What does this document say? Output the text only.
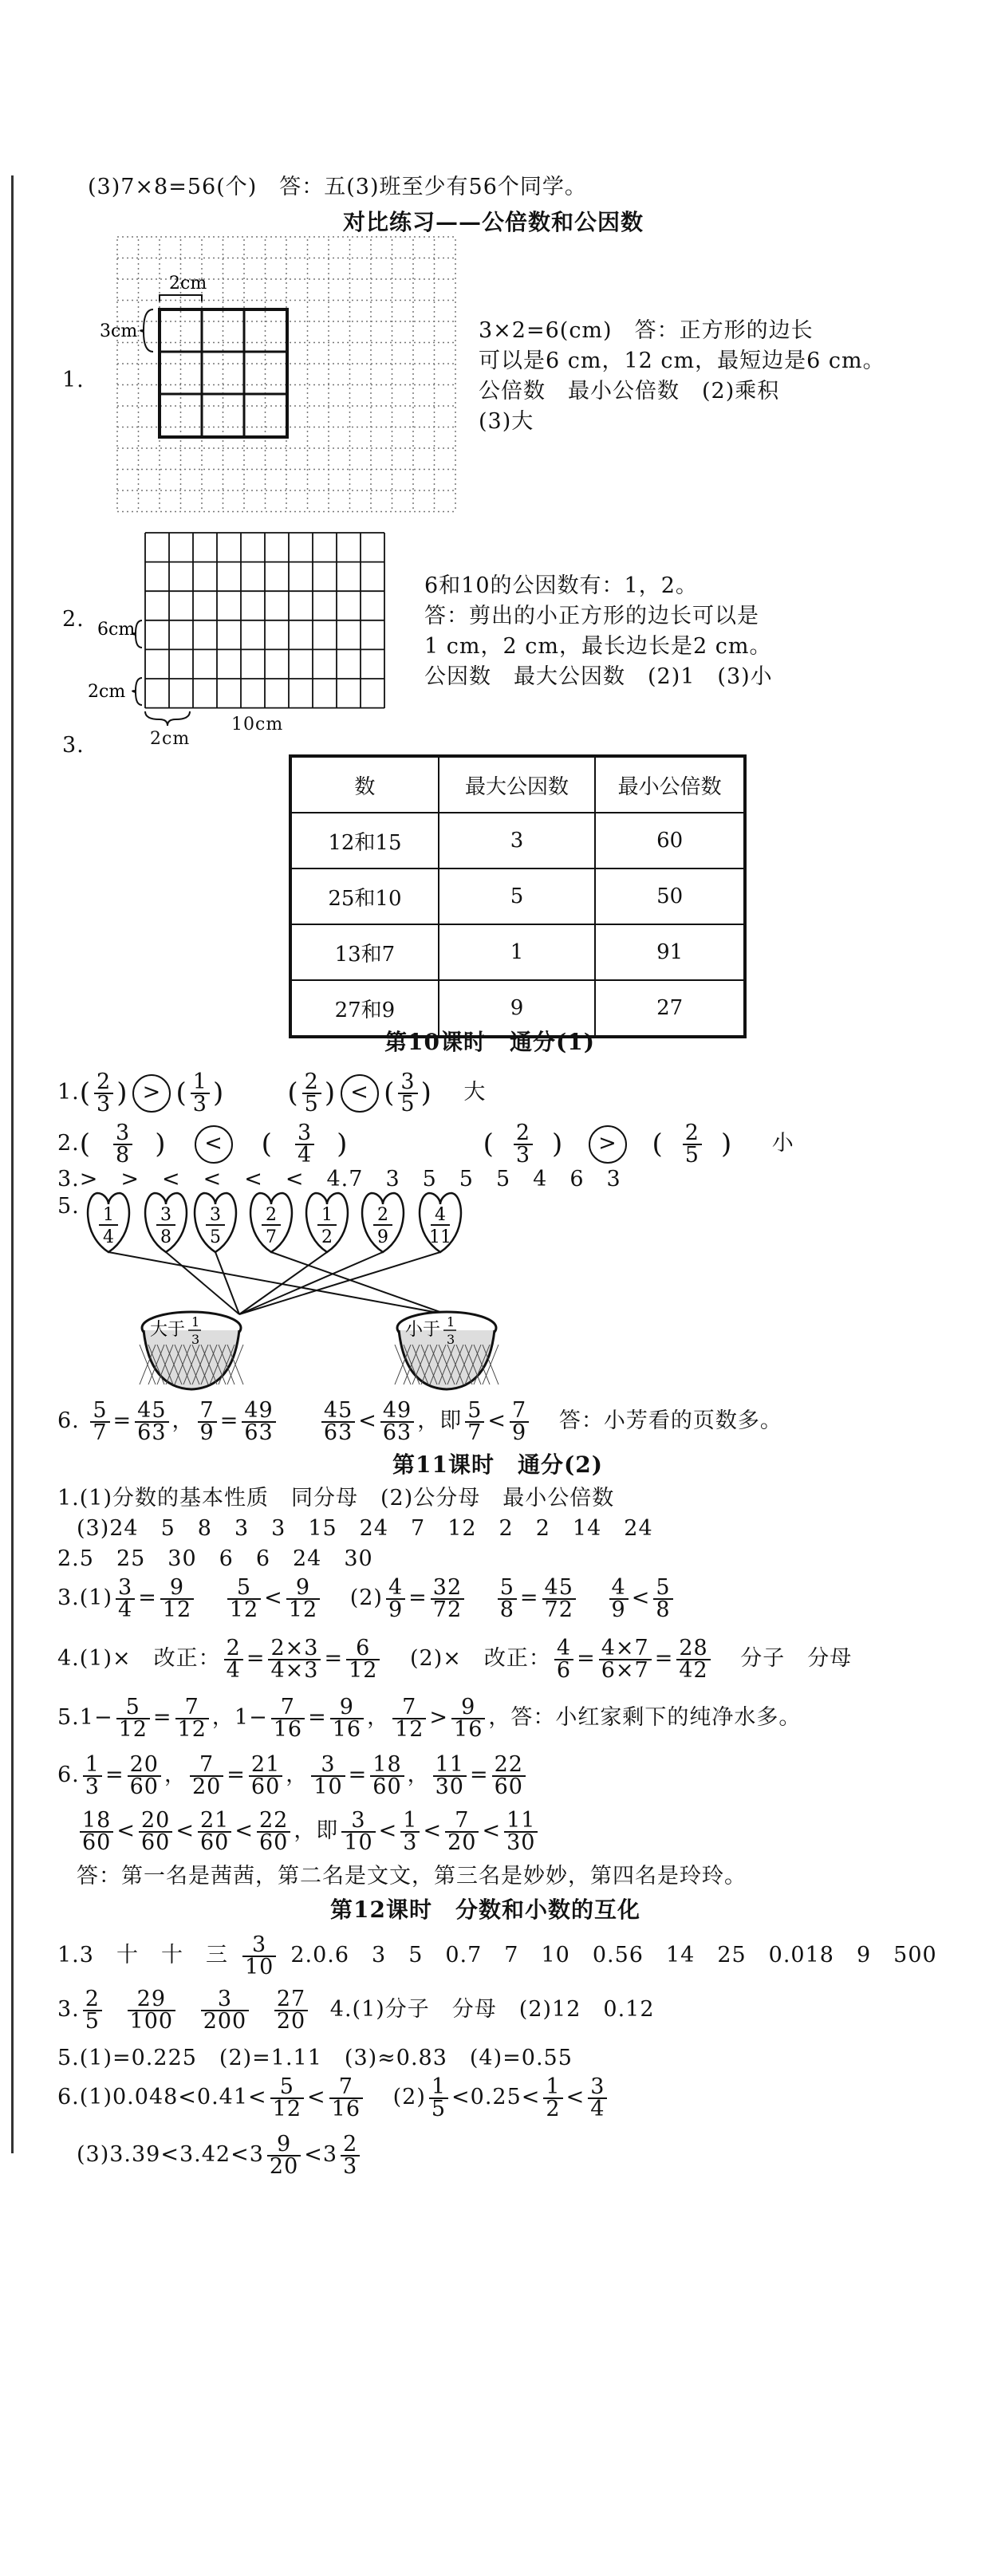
(3)7×8=56(个)　答：五(3)班至少有56个同学。
对比练习——公倍数和公因数
1.
2cm
3cm	3×2=6(cm)　答：正方形的边长
可以是6 cm，12 cm，最短边是6 cm。
公倍数　最小公倍数　(2)乘积
(3)大
2. 6cm
2cm
2cm
10cm
6和10的公因数有：1，2。
答：剪出的小正方形的边长可以是
1 cm，2 cm，最长边长是2 cm。
公因数　最大公因数　(2)1　(3)小
3.
数	最大公因数	最小公倍数
12和15	3	60
25和10	5	50
13和7	1	91
27和9	9	27
第10课时　通分(1)
$1.( \frac{2}{3}$ ) > ( $\frac{1}{3}$ ) ( $\frac{2}{5}$ ) < ( $\frac{3}{5}$ ) 大
$2.( \frac{3}{8}$ ) < ( $\frac{3}{4}$ )	( $\frac{2}{3}$ ) > ( $\frac{2}{5}$ ) 小
3.>　>　<　<　<　<　4.7　3　5　5　5　4　6　3
5. 1
4
3
8
3
5
2
7
1
2
2
9
4
11
大于 1
3	小于 1
3
6. $\frac{5}{7} = \frac{45}{63}$ ， $\frac{7}{9} = \frac{49}{63}$
$\frac{45}{63} < \frac{49}{63}$ ，即 $\frac{5}{7} < \frac{7}{9}$ 答：小芳看的页数多。
第11课时　通分(2)
1.(1)分数的基本性质　同分母　(2)公分母　最小公倍数
(3)24　5　8　3　3　15　24　7　12　2　2　14　24
2.5　25　30　6　6　24　30
$3.(1) \frac{3}{4} = \frac{9}{12}$
$\frac{5}{12} < \frac{9}{12} (2) \frac{4}{9} = \frac{32}{72}$
$\frac{5}{8} = \frac{45}{72}$
$\frac{4}{9} < \frac{5}{8}$
4.(1)×　改正： $\frac{2}{4} = \frac{2\times 3}{4\times 3} = \frac{6}{12} (2)\times$　改正： $\frac{4}{6} = \frac{4\times 7}{6\times 7} = \frac{28}{42}$ 分子　分母
$5.1- \frac{5}{12} = \frac{7}{12}$ ，$1- \frac{7}{16} = \frac{9}{16}$ ， $\frac{7}{12} > \frac{9}{16}$ ，答：小红家剩下的纯净水多。
6. $\frac{1}{3} = \frac{20}{60}$ ， $\frac{7}{20} = \frac{21}{60}$ ， $\frac{3}{10} = \frac{18}{60}$ ， $\frac{11}{30} = \frac{22}{60}$
$\frac{18}{60} < \frac{20}{60} < \frac{21}{60} < \frac{22}{60}$ ，即 $\frac{3}{10} < \frac{1}{3} < \frac{7}{20} < \frac{11}{30}$
答：第一名是茜茜，第二名是文文，第三名是妙妙，第四名是玲玲。
第12课时　分数和小数的互化
1.3　十　十　三 $\frac{3}{10} 2.0.6$　3　5　0.7　7　10　0.56　14　25　0.018　9　500
3. $\frac{2}{5}$
$\frac{29}{100}$
$\frac{3}{200}$
$\frac{27}{20} 4.(1)$分子　分母　(2)12　0.12
5.(1)=0.225　(2)=1.11　(3)≈0.83　(4)=0.55
$6.(1)0.048<0.41< \frac{5}{12} < \frac{7}{16} (2) \frac{1}{5} <0.25< \frac{1}{2} < \frac{3}{4}$
$(3)3.39<3.42<3 \frac{9}{20} <3 \frac{2}{3}$
